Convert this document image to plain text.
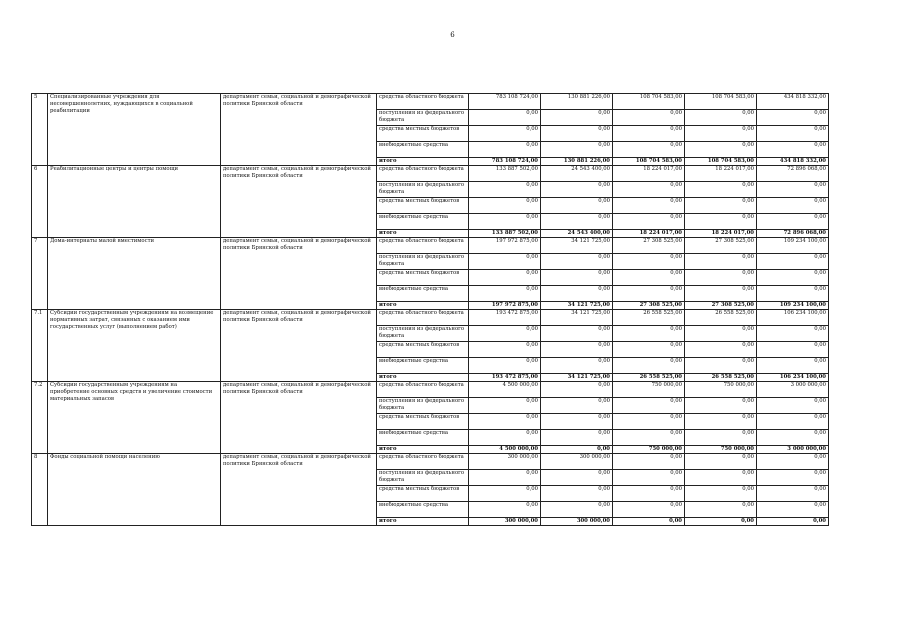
6
5	Специализированные учреждения для несовершеннолетних, нуждающихся в социальной реабилитации	департамент семьи, социальной и демографической политики Брянской области	средства областного бюджета	783 108 724,00	130 881 226,00	108 704 583,00	108 704 583,00	434 818 332,00
			поступления из федерального бюджета	0,00	0,00	0,00	0,00	0,00
			средства местных бюджетов	0,00	0,00	0,00	0,00	0,00
			внебюджетные средства	0,00	0,00	0,00	0,00	0,00
			итого	783 108 724,00	130 881 226,00	108 704 583,00	108 704 583,00	434 818 332,00
6	Реабилитационные центры и центры помощи	департамент семьи, социальной и демографической политики Брянской области	средства областного бюджета	133 887 502,00	24 543 400,00	18 224 017,00	18 224 017,00	72 896 068,00
			поступления из федерального бюджета	0,00	0,00	0,00	0,00	0,00
			средства местных бюджетов	0,00	0,00	0,00	0,00	0,00
			внебюджетные средства	0,00	0,00	0,00	0,00	0,00
			итого	133 887 502,00	24 543 400,00	18 224 017,00	18 224 017,00	72 896 068,00
7	Дома-интернаты малой вместимости	департамент семьи, социальной и демографической политики Брянской области	средства областного бюджета	197 972 875,00	34 121 725,00	27 308 525,00	27 308 525,00	109 234 100,00
			поступления из федерального бюджета	0,00	0,00	0,00	0,00	0,00
			средства местных бюджетов	0,00	0,00	0,00	0,00	0,00
			внебюджетные средства	0,00	0,00	0,00	0,00	0,00
			итого	197 972 875,00	34 121 725,00	27 308 525,00	27 308 525,00	109 234 100,00
7.1	Субсидии государственным учреждениям на возмещение нормативных затрат, связанных с оказанием ими государственных услуг (выполнением работ)	департамент семьи, социальной и демографической политики Брянской области	средства областного бюджета	193 472 875,00	34 121 725,00	26 558 525,00	26 558 525,00	106 234 100,00
			поступления из федерального бюджета	0,00	0,00	0,00	0,00	0,00
			средства местных бюджетов	0,00	0,00	0,00	0,00	0,00
			внебюджетные средства	0,00	0,00	0,00	0,00	0,00
			итого	193 472 875,00	34 121 725,00	26 558 525,00	26 558 525,00	106 234 100,00
7.2	Субсидии государственным учреждениям на приобретение основных средств и увеличение стоимости материальных запасов	департамент семьи, социальной и демографической политики Брянской области	средства областного бюджета	4 500 000,00	0,00	750 000,00	750 000,00	3 000 000,00
			поступления из федерального бюджета	0,00	0,00	0,00	0,00	0,00
			средства местных бюджетов	0,00	0,00	0,00	0,00	0,00
			внебюджетные средства	0,00	0,00	0,00	0,00	0,00
			итого	4 500 000,00	0,00	750 000,00	750 000,00	3 000 000,00
8	Фонды социальной помощи населению	департамент семьи, социальной и демографической политики Брянской области	средства областного бюджета	300 000,00	300 000,00	0,00	0,00	0,00
			поступления из федерального бюджета	0,00	0,00	0,00	0,00	0,00
			средства местных бюджетов	0,00	0,00	0,00	0,00	0,00
			внебюджетные средства	0,00	0,00	0,00	0,00	0,00
			итого	300 000,00	300 000,00	0,00	0,00	0,00
